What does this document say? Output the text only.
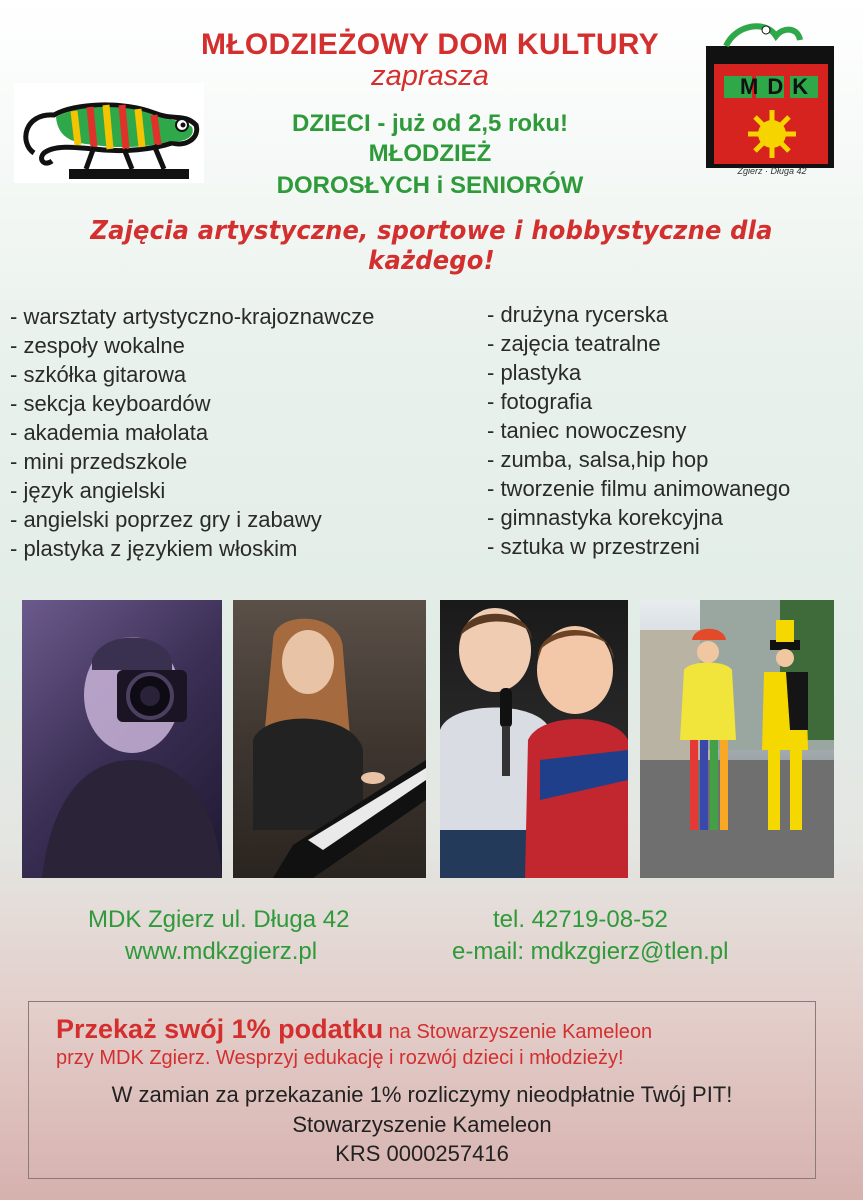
MŁODZIEŻOWY DOM KULTURY
zaprasza
DZIECI - już od 2,5 roku!
MŁODZIEŻ
DOROSŁYCH i SENIORÓW
Zajęcia artystyczne, sportowe i hobbystyczne dla każdego!
MDK
Zgierz · Długa 42
- warsztaty artystyczno-krajoznawcze
- zespoły wokalne
- szkółka gitarowa
- sekcja keyboardów
- akademia małolata
- mini przedszkole
- język angielski
- angielski poprzez gry i zabawy
- plastyka z językiem włoskim
- drużyna rycerska
- zajęcia teatralne
- plastyka
- fotografia
- taniec nowoczesny
- zumba, salsa,hip hop
- tworzenie filmu animowanego
- gimnastyka korekcyjna
- sztuka w przestrzeni
MDK Zgierz ul. Długa 42
www.mdkzgierz.pl
tel. 42719-08-52
e-mail: mdkzgierz@tlen.pl
Przekaż swój 1% podatku na Stowarzyszenie Kameleon
przy MDK Zgierz. Wesprzyj edukację i rozwój dzieci i młodzieży!
W zamian za przekazanie 1% rozliczymy nieodpłatnie Twój PIT!
Stowarzyszenie Kameleon
KRS 0000257416
